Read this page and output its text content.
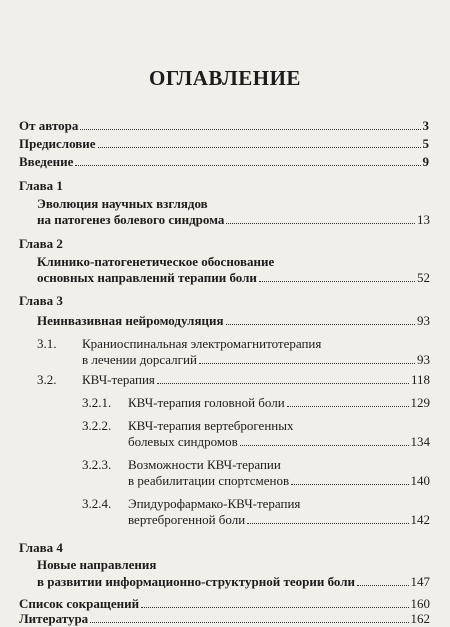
ОГЛАВЛЕНИЕ
От автора	3
Предисловие	5
Введение	9
Глава 1
Эволюция научных взглядов
на патогенез болевого синдрома	13
Глава 2
Клинико-патогенетическое обоснование
основных направлений терапии боли	52
Глава 3
Неинвазивная нейромодуляция	93
3.1. Краниоспинальная электромагнитотерапия
в лечении дорсалгий	93
3.2. КВЧ-терапия	118
3.2.1. КВЧ-терапия головной боли	129
3.2.2. КВЧ-терапия вертеброгенных
болевых синдромов	134
3.2.3. Возможности КВЧ-терапии
в реабилитации спортсменов	140
3.2.4. Эпидурофармако-КВЧ-терапия
вертеброгенной боли	142
Глава 4
Новые направления
в развитии информационно-структурной теории боли	147
Список сокращений	160
Литература	162
